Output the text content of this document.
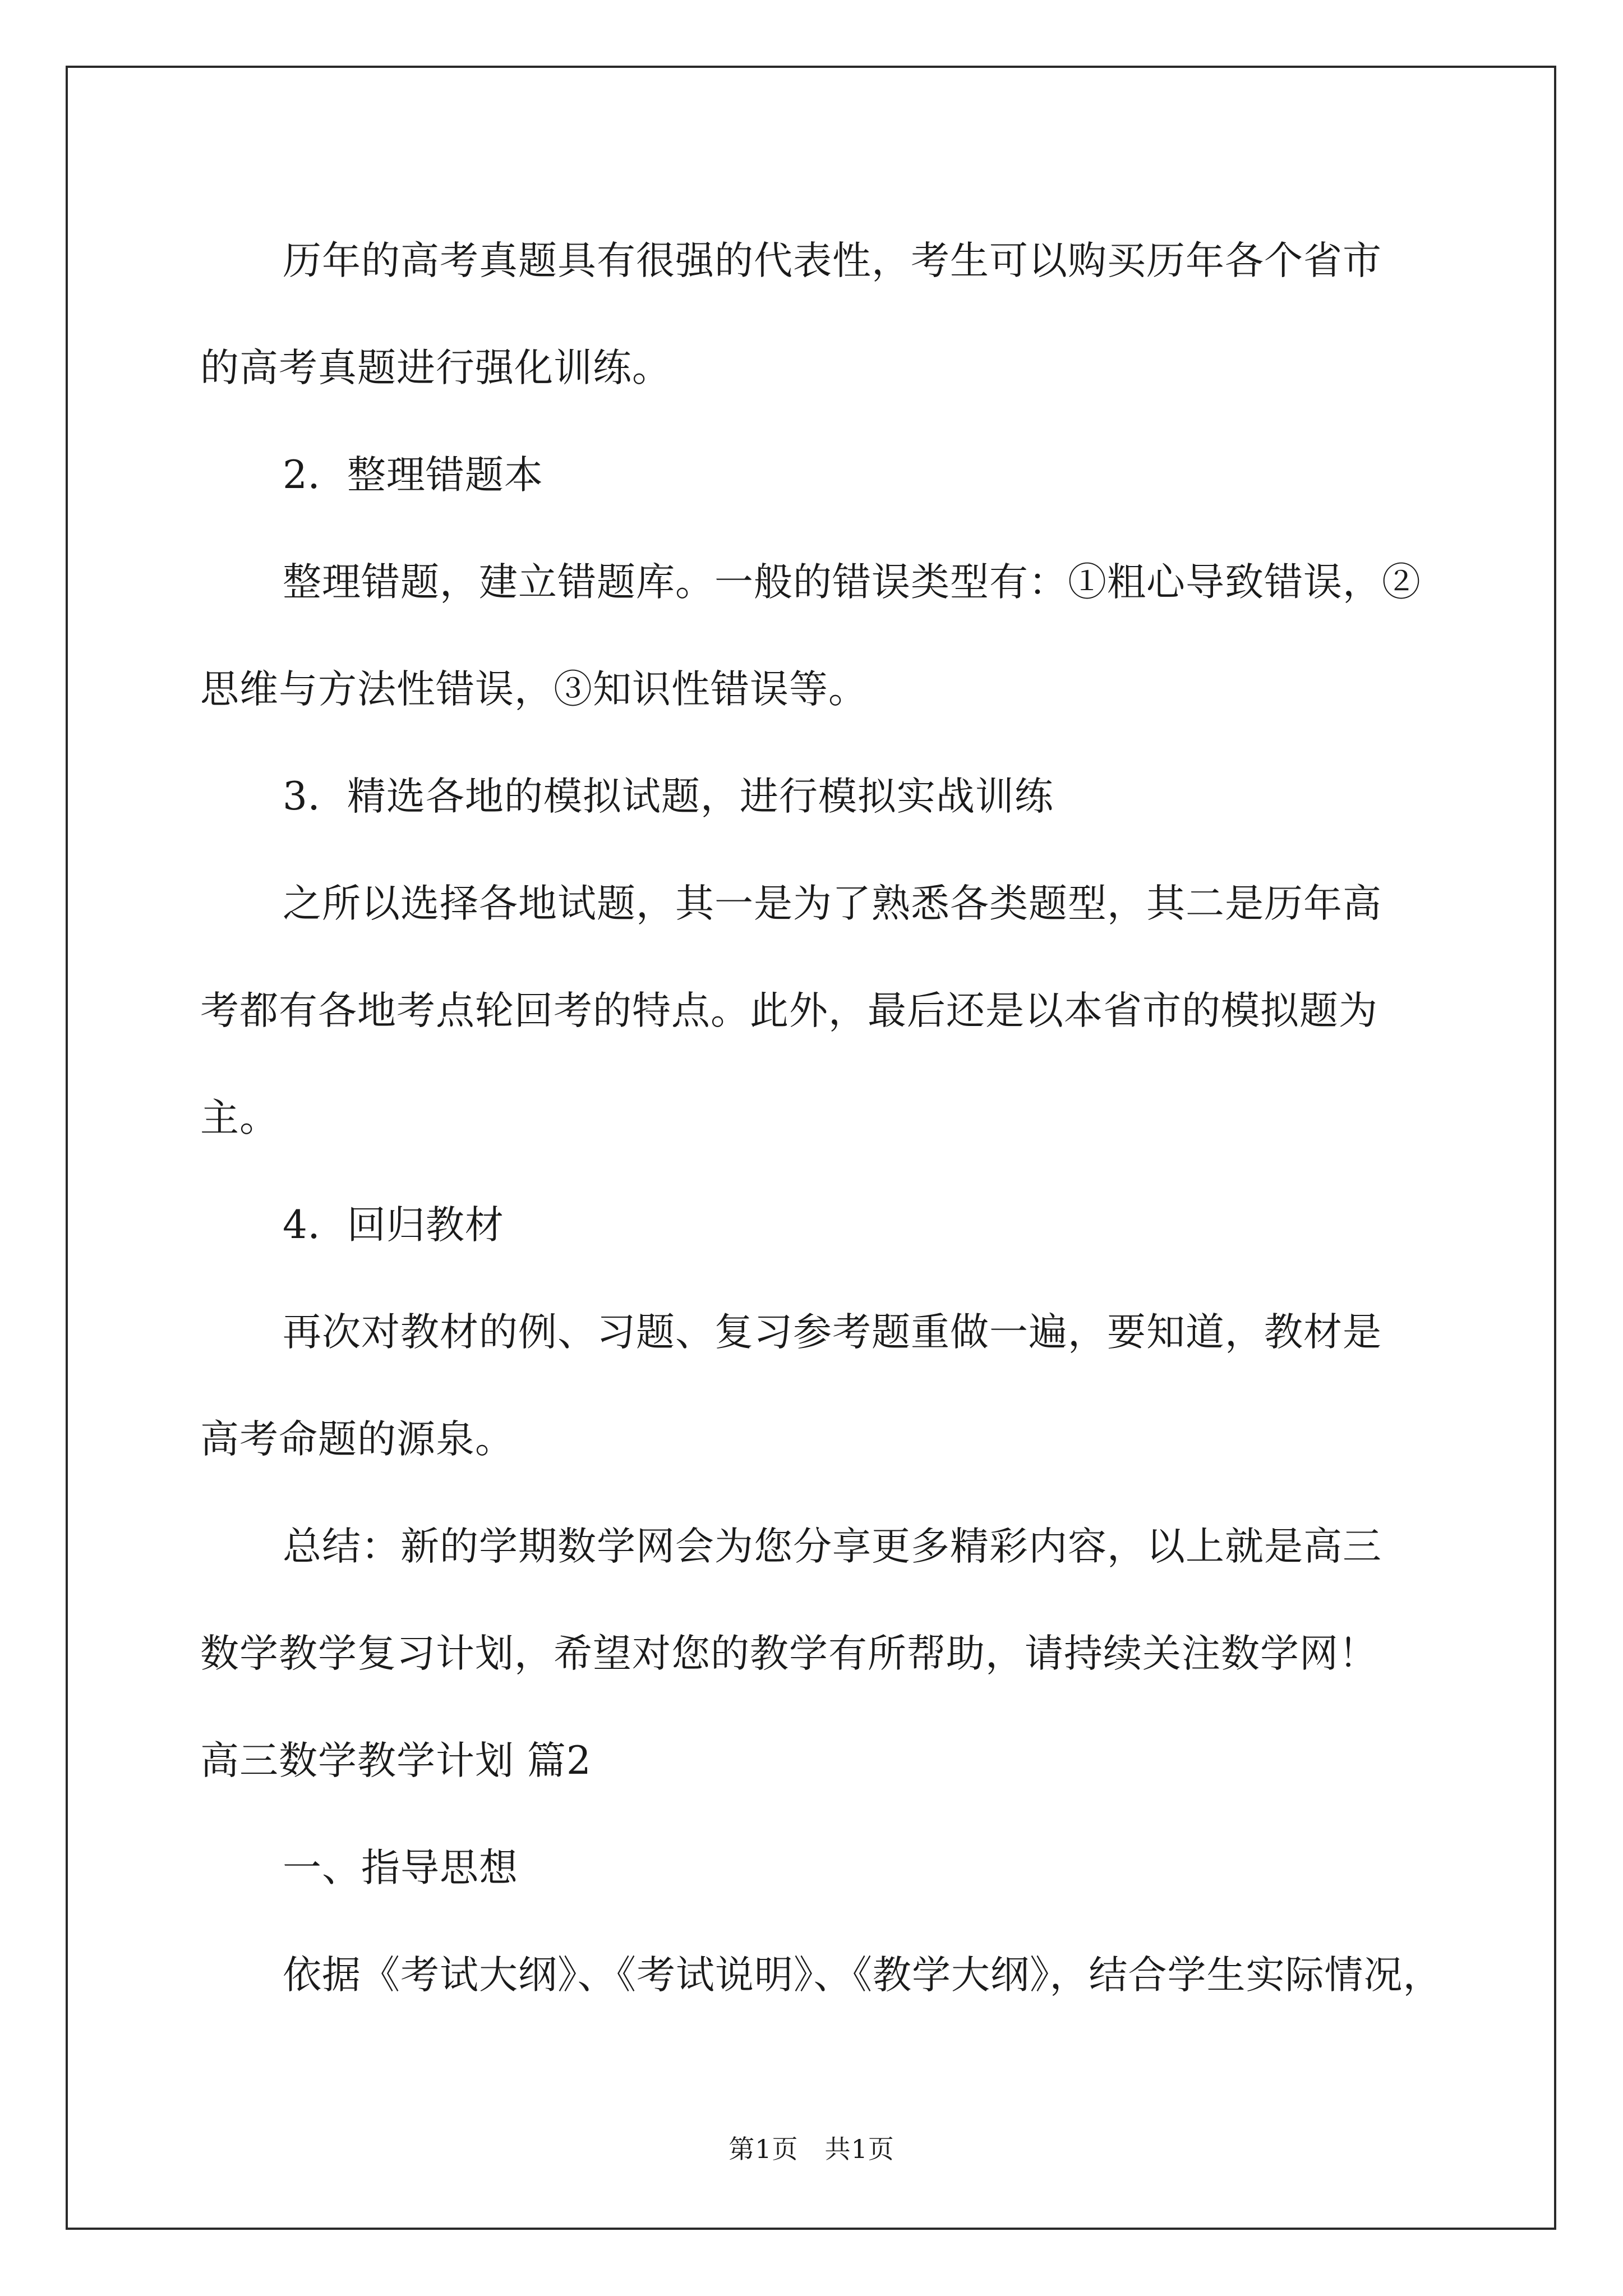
历年的高考真题具有很强的代表性，考生可以购买历年各个省市

的高考真题进行强化训练。

2．整理错题本

整理错题，建立错题库。一般的错误类型有：①粗心导致错误，②

思维与方法性错误，③知识性错误等。

3．精选各地的模拟试题，进行模拟实战训练

之所以选择各地试题，其一是为了熟悉各类题型，其二是历年高

考都有各地考点轮回考的特点。此外，最后还是以本省市的模拟题为

主。

4．回归教材

再次对教材的例、习题、复习参考题重做一遍，要知道，教材是

高考命题的源泉。

总结：新的学期数学网会为您分享更多精彩内容，以上就是高三

数学教学复习计划，希望对您的教学有所帮助，请持续关注数学网！

高三数学教学计划 篇2

一、指导思想

依据《考试大纲》、《考试说明》、《教学大纲》，结合学生实际情况，

第1页　共1页
